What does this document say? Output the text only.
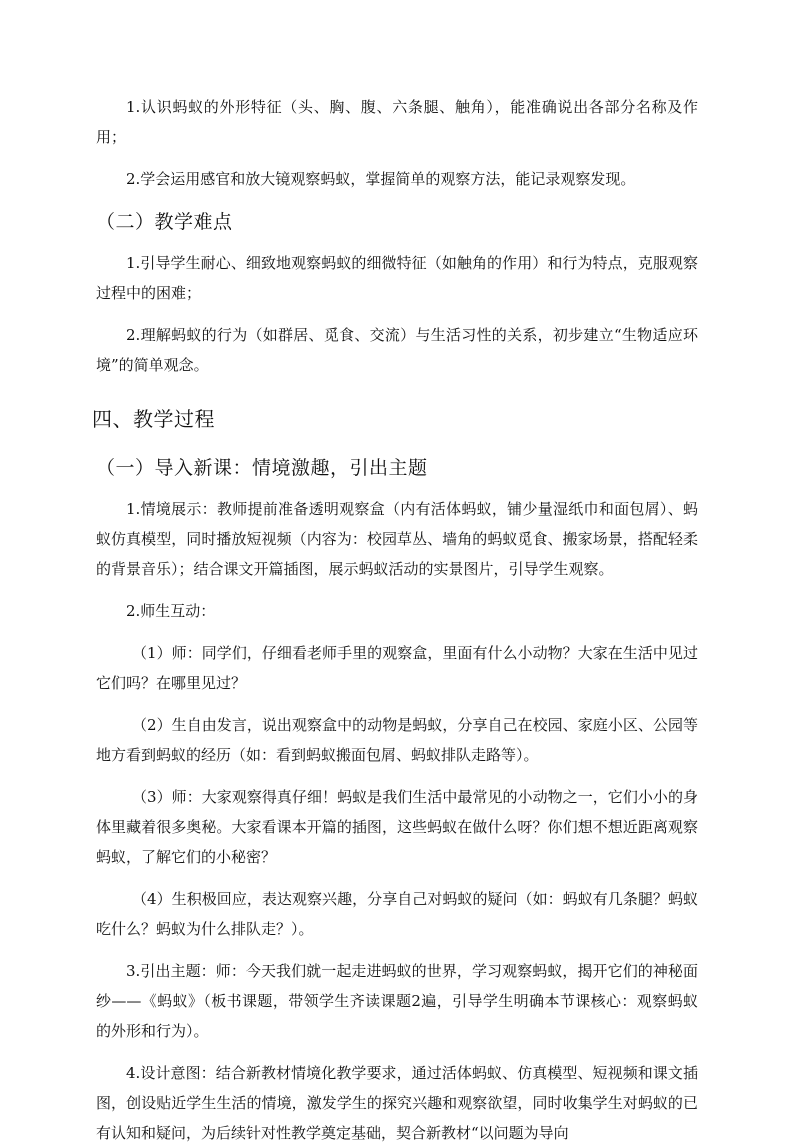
1.认识蚂蚁的外形特征（头、胸、腹、六条腿、触角），能准确说出各部分名称及作用；

2.学会运用感官和放大镜观察蚂蚁，掌握简单的观察方法，能记录观察发现。

（二）教学难点

1.引导学生耐心、细致地观察蚂蚁的细微特征（如触角的作用）和行为特点，克服观察过程中的困难；

2.理解蚂蚁的行为（如群居、觅食、交流）与生活习性的关系，初步建立“生物适应环境”的简单观念。

四、教学过程
（一）导入新课：情境激趣，引出主题

1.情境展示：教师提前准备透明观察盒（内有活体蚂蚁，铺少量湿纸巾和面包屑）、蚂蚁仿真模型，同时播放短视频（内容为：校园草丛、墙角的蚂蚁觅食、搬家场景，搭配轻柔的背景音乐）；结合课文开篇插图，展示蚂蚁活动的实景图片，引导学生观察。

2.师生互动：

（1）师：同学们，仔细看老师手里的观察盒，里面有什么小动物？大家在生活中见过它们吗？在哪里见过？

（2）生自由发言，说出观察盒中的动物是蚂蚁，分享自己在校园、家庭小区、公园等地方看到蚂蚁的经历（如：看到蚂蚁搬面包屑、蚂蚁排队走路等）。

（3）师：大家观察得真仔细！蚂蚁是我们生活中最常见的小动物之一，它们小小的身体里藏着很多奥秘。大家看课本开篇的插图，这些蚂蚁在做什么呀？你们想不想近距离观察蚂蚁，了解它们的小秘密？

（4）生积极回应，表达观察兴趣，分享自己对蚂蚁的疑问（如：蚂蚁有几条腿？蚂蚁吃什么？蚂蚁为什么排队走？）。

3.引出主题：师：今天我们就一起走进蚂蚁的世界，学习观察蚂蚁，揭开它们的神秘面纱——《蚂蚁》（板书课题，带领学生齐读课题2遍，引导学生明确本节课核心：观察蚂蚁的外形和行为）。

4.设计意图：结合新教材情境化教学要求，通过活体蚂蚁、仿真模型、短视频和课文插图，创设贴近学生生活的情境，激发学生的探究兴趣和观察欲望，同时收集学生对蚂蚁的已有认知和疑问，为后续针对性教学奠定基础，契合新教材“以问题为导向
